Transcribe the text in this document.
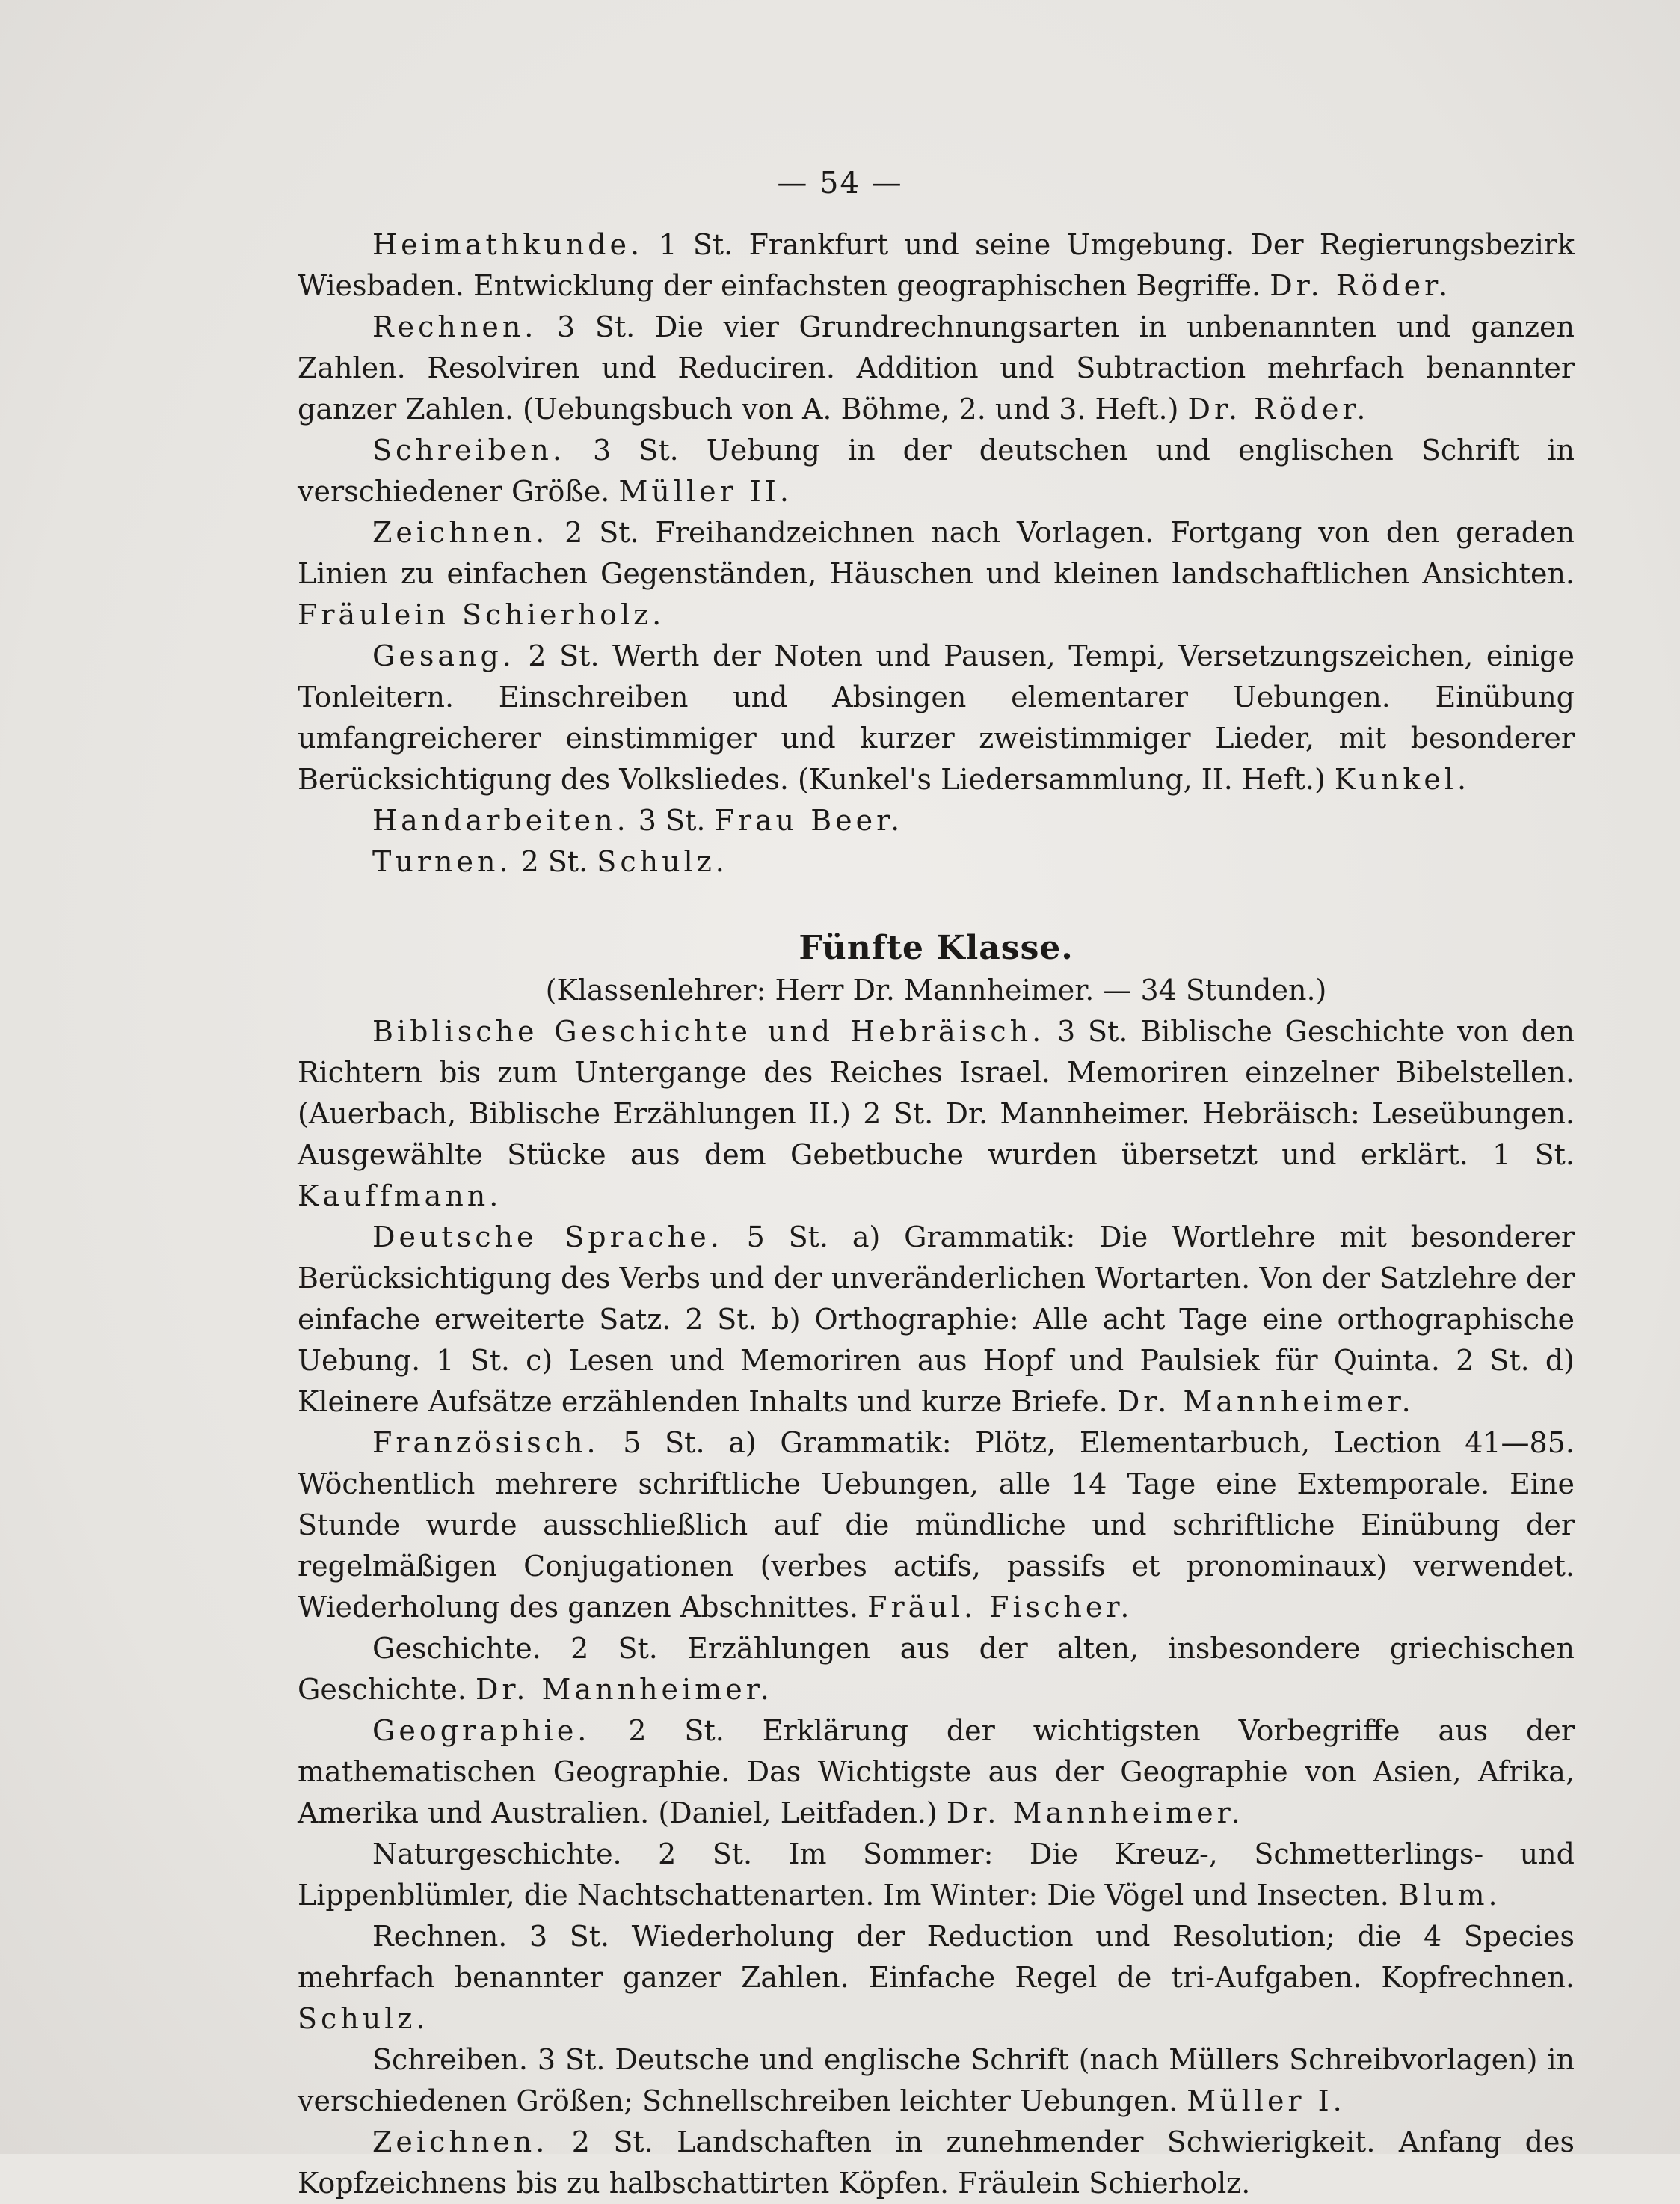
— 54 —

Heimathkunde. 1 St. Frankfurt und seine Umgebung. Der Regierungsbezirk Wiesbaden. Entwicklung der einfachsten geographischen Begriffe. Dr. Röder.

Rechnen. 3 St. Die vier Grundrechnungsarten in unbenannten und ganzen Zahlen. Resolviren und Reduciren. Addition und Subtraction mehrfach benannter ganzer Zahlen. (Uebungsbuch von A. Böhme, 2. und 3. Heft.) Dr. Röder.

Schreiben. 3 St. Uebung in der deutschen und englischen Schrift in verschiedener Größe. Müller II.

Zeichnen. 2 St. Freihandzeichnen nach Vorlagen. Fortgang von den geraden Linien zu einfachen Gegenständen, Häuschen und kleinen landschaftlichen Ansichten. Fräulein Schierholz.

Gesang. 2 St. Werth der Noten und Pausen, Tempi, Versetzungszeichen, einige Tonleitern. Einschreiben und Absingen elementarer Uebungen. Einübung umfangreicherer einstimmiger und kurzer zweistimmiger Lieder, mit besonderer Berücksichtigung des Volksliedes. (Kunkel's Liedersammlung, II. Heft.) Kunkel.

Handarbeiten. 3 St. Frau Beer.

Turnen. 2 St. Schulz.

Fünfte Klasse.
(Klassenlehrer: Herr Dr. Mannheimer. — 34 Stunden.)

Biblische Geschichte und Hebräisch. 3 St. Biblische Geschichte von den Richtern bis zum Untergange des Reiches Israel. Memoriren einzelner Bibelstellen. (Auerbach, Biblische Erzählungen II.) 2 St. Dr. Mannheimer. Hebräisch: Leseübungen. Ausgewählte Stücke aus dem Gebetbuche wurden übersetzt und erklärt. 1 St. Kauffmann.

Deutsche Sprache. 5 St. a) Grammatik: Die Wortlehre mit besonderer Berücksichtigung des Verbs und der unveränderlichen Wortarten. Von der Satzlehre der einfache erweiterte Satz. 2 St. b) Orthographie: Alle acht Tage eine orthographische Uebung. 1 St. c) Lesen und Memoriren aus Hopf und Paulsiek für Quinta. 2 St. d) Kleinere Aufsätze erzählenden Inhalts und kurze Briefe. Dr. Mannheimer.

Französisch. 5 St. a) Grammatik: Plötz, Elementarbuch, Lection 41—85. Wöchentlich mehrere schriftliche Uebungen, alle 14 Tage eine Extemporale. Eine Stunde wurde ausschließlich auf die mündliche und schriftliche Einübung der regelmäßigen Conjugationen (verbes actifs, passifs et pronominaux) verwendet. Wiederholung des ganzen Abschnittes. Fräul. Fischer.

Geschichte. 2 St. Erzählungen aus der alten, insbesondere griechischen Geschichte. Dr. Mannheimer.

Geographie. 2 St. Erklärung der wichtigsten Vorbegriffe aus der mathematischen Geographie. Das Wichtigste aus der Geographie von Asien, Afrika, Amerika und Australien. (Daniel, Leitfaden.) Dr. Mannheimer.

Naturgeschichte. 2 St. Im Sommer: Die Kreuz-, Schmetterlings- und Lippenblümler, die Nachtschattenarten. Im Winter: Die Vögel und Insecten. Blum.

Rechnen. 3 St. Wiederholung der Reduction und Resolution; die 4 Species mehrfach benannter ganzer Zahlen. Einfache Regel de tri-Aufgaben. Kopfrechnen. Schulz.

Schreiben. 3 St. Deutsche und englische Schrift (nach Müllers Schreibvorlagen) in verschiedenen Größen; Schnellschreiben leichter Uebungen. Müller I.

Zeichnen. 2 St. Landschaften in zunehmender Schwierigkeit. Anfang des Kopfzeichnens bis zu halbschattirten Köpfen. Fräulein Schierholz.
